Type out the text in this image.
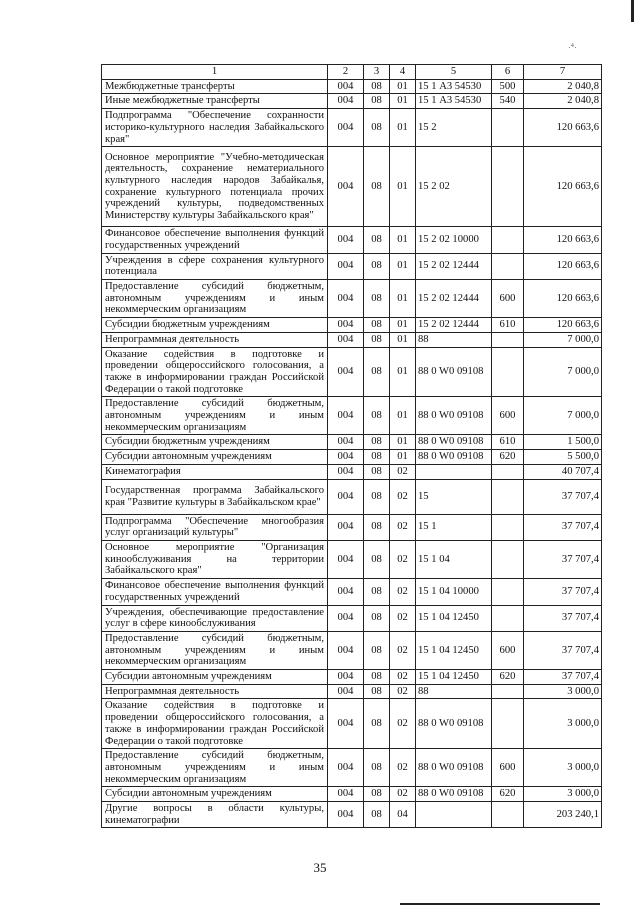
·$^4$·
1	2	3	4	5	6	7
Межбюджетные трансферты	004	08	01	15 1 А3 54530	500	2 040,8
Иные межбюджетные трансферты	004	08	01	15 1 А3 54530	540	2 040,8
Подпрограмма "Обеспечение сохранности историко-культурного наследия Забайкальского края"	004	08	01	15 2		120 663,6
Основное мероприятие "Учебно-методическая деятельность, сохранение нематериального культурного наследия народов Забайкалья, сохранение культурного потенциала прочих учреждений культуры, подведомственных Министерству культуры Забайкальского края"	004	08	01	15 2 02		120 663,6
Финансовое обеспечение выполнения функций государственных учреждений	004	08	01	15 2 02 10000		120 663,6
Учреждения в сфере сохранения культурного потенциала	004	08	01	15 2 02 12444		120 663,6
Предоставление субсидий бюджетным, автономным учреждениям и иным некоммерческим организациям	004	08	01	15 2 02 12444	600	120 663,6
Субсидии бюджетным учреждениям	004	08	01	15 2 02 12444	610	120 663,6
Непрограммная деятельность	004	08	01	88		7 000,0
Оказание содействия в подготовке и проведении общероссийского голосования, а также в информировании граждан Российской Федерации о такой подготовке	004	08	01	88 0 W0 09108		7 000,0
Предоставление субсидий бюджетным, автономным учреждениям и иным некоммерческим организациям	004	08	01	88 0 W0 09108	600	7 000,0
Субсидии бюджетным учреждениям	004	08	01	88 0 W0 09108	610	1 500,0
Субсидии автономным учреждениям	004	08	01	88 0 W0 09108	620	5 500,0
Кинематография	004	08	02			40 707,4
Государственная программа Забайкальского края "Развитие культуры в Забайкальском крае"	004	08	02	15		37 707,4
Подпрограмма "Обеспечение многообразия услуг организаций культуры"	004	08	02	15 1		37 707,4
Основное мероприятие "Организация кинообслуживания на территории Забайкальского края"	004	08	02	15 1 04		37 707,4
Финансовое обеспечение выполнения функций государственных учреждений	004	08	02	15 1 04 10000		37 707,4
Учреждения, обеспечивающие предоставление услуг в сфере кинообслуживания	004	08	02	15 1 04 12450		37 707,4
Предоставление субсидий бюджетным, автономным учреждениям и иным некоммерческим организациям	004	08	02	15 1 04 12450	600	37 707,4
Субсидии автономным учреждениям	004	08	02	15 1 04 12450	620	37 707,4
Непрограммная деятельность	004	08	02	88		3 000,0
Оказание содействия в подготовке и проведении общероссийского голосования, а также в информировании граждан Российской Федерации о такой подготовке	004	08	02	88 0 W0 09108		3 000,0
Предоставление субсидий бюджетным, автономным учреждениям и иным некоммерческим организациям	004	08	02	88 0 W0 09108	600	3 000,0
Субсидии автономным учреждениям	004	08	02	88 0 W0 09108	620	3 000,0
Другие вопросы в области культуры, кинематографии	004	08	04			203 240,1
35
